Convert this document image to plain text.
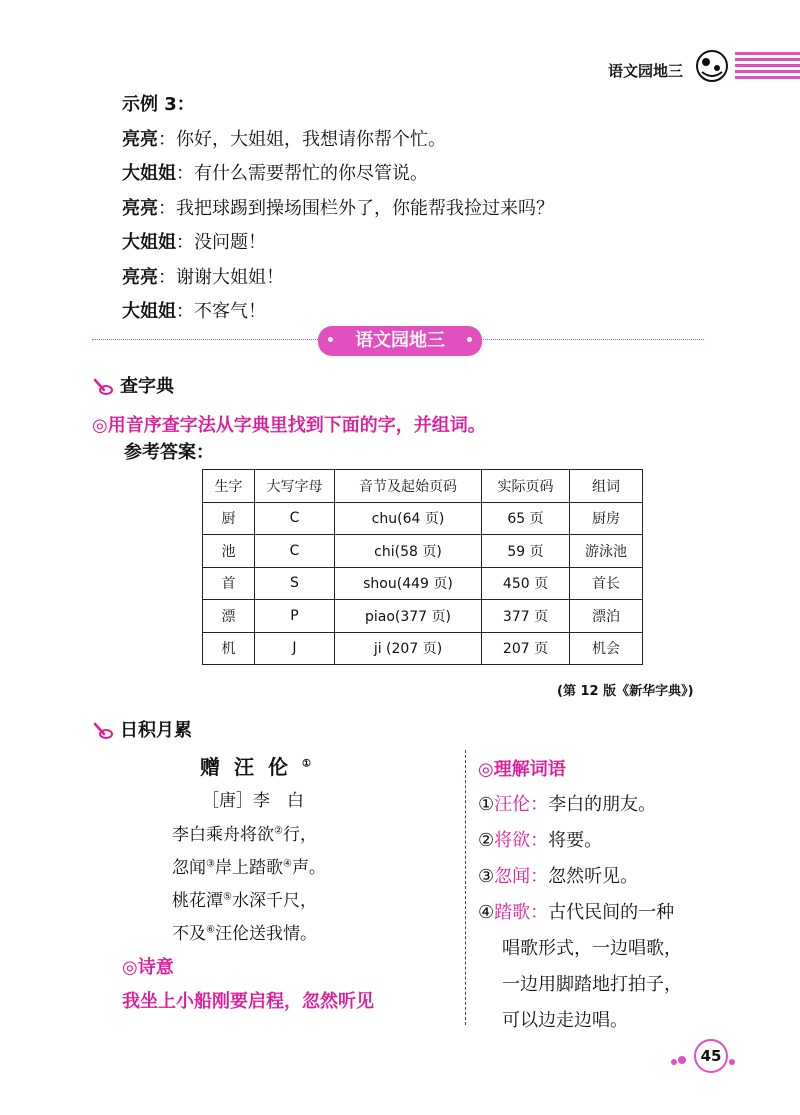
语文园地三
示例 3：
亮亮：你好，大姐姐，我想请你帮个忙。
大姐姐：有什么需要帮忙的你尽管说。
亮亮：我把球踢到操场围栏外了，你能帮我捡过来吗？
大姐姐：没问题！
亮亮：谢谢大姐姐！
大姐姐：不客气！
• 语文园地三 •
查字典
◎用音序查字法从字典里找到下面的字，并组词。
参考答案：
生字	大写字母	音节及起始页码	实际页码	组词
厨	C	chu(64 页)	65 页	厨房
池	C	chi(58 页)	59 页	游泳池
首	S	shou(449 页)	450 页	首长
漂	P	piao(377 页)	377 页	漂泊
机	J	ji (207 页)	207 页	机会
(第 12 版《新华字典》)
日积月累
赠汪伦①
［唐］李　白
李白乘舟将欲②行，
忽闻③岸上踏歌④声。
桃花潭⑤水深千尺，
不及⑥汪伦送我情。
◎诗意
我坐上小船刚要启程，忽然听见
◎理解词语
①汪伦：李白的朋友。
②将欲：将要。
③忽闻：忽然听见。
④踏歌：古代民间的一种
唱歌形式，一边唱歌，
一边用脚踏地打拍子，
可以边走边唱。
45
